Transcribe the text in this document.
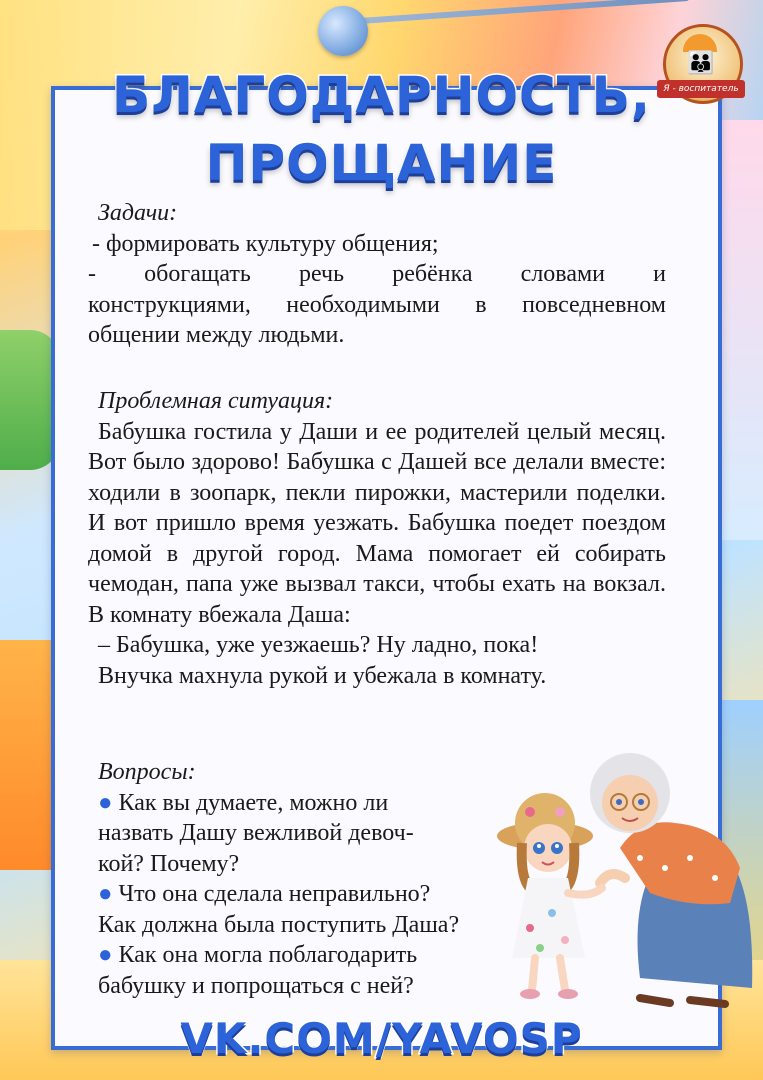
👪
Я - воспитатель
БЛАГОДАРНОСТЬ,
ПРОЩАНИЕ
Задачи:
- формировать культуру общения;
- обогащать речь ребёнка словами и
конструкциями, необходимыми в повседневном общении между людьми.
Проблемная ситуация:
Бабушка гостила у Даши и ее родителей целый месяц. Вот было здорово! Бабушка с Дашей все делали вместе: ходили в зоопарк, пекли пирожки, мастерили поделки. И вот пришло время уезжать. Бабушка поедет поездом домой в другой город. Мама помогает ей собирать чемодан, папа уже вызвал такси, чтобы ехать на вокзал. В комнату вбежала Даша:
– Бабушка, уже уезжаешь? Ну ладно, пока!
Внучка махнула рукой и убежала в комнату.
Вопросы:
● Как вы думаете, можно ли
назвать Дашу вежливой девоч-
кой? Почему?
● Что она сделала неправильно?
Как должна была поступить Даша?
● Как она могла поблагодарить
бабушку и попрощаться с ней?
VK.COM/YAVOSP
